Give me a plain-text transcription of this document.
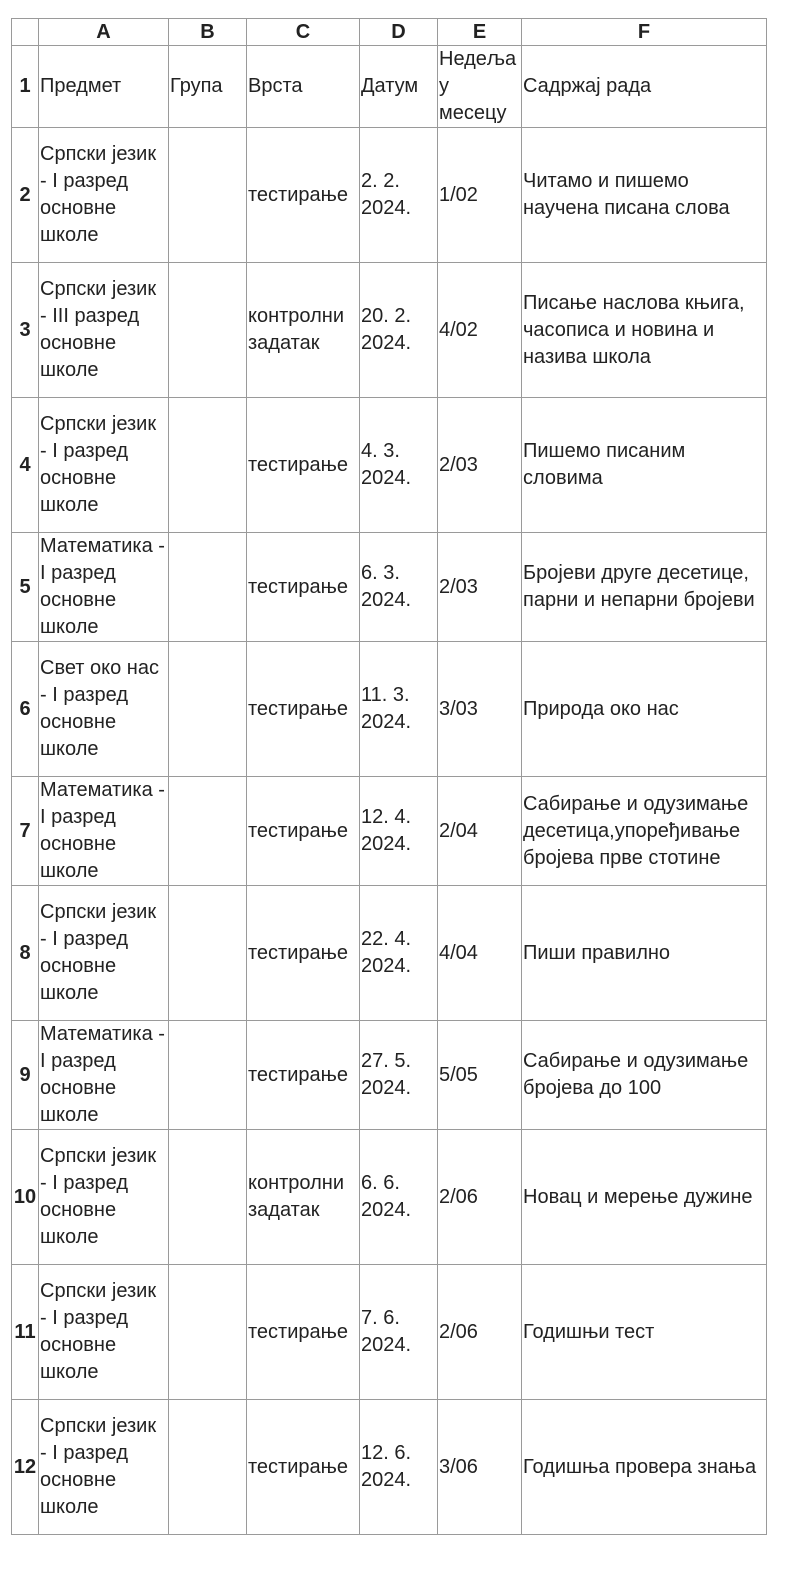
	A	B	C	D	E	F
1	Предмет	Група	Врста	Датум	Недеља у месецу	Садржај рада
2	Српски језик - I разред основне школе		тестирање	2. 2. 2024.	1/02	Читамо и пишемо научена писана слова
3	Српски језик - III разред основне школе		контролни задатак	20. 2. 2024.	4/02	Писање наслова књига, часописа и новина и назива школа
4	Српски језик - I разред основне школе		тестирање	4. 3. 2024.	2/03	Пишемо писаним словима
5	Математика - I разред основне школе		тестирање	6. 3. 2024.	2/03	Бројеви друге десетице, парни и непарни бројеви
6	Свет око нас - I разред основне школе		тестирање	11. 3. 2024.	3/03	Природа око нас
7	Математика - I разред основне школе		тестирање	12. 4. 2024.	2/04	Сабирање и одузимање десетица,упоређивање бројева прве стотине
8	Српски језик - I разред основне школе		тестирање	22. 4. 2024.	4/04	Пиши правилно
9	Математика - I разред основне школе		тестирање	27. 5. 2024.	5/05	Сабирање и одузимање бројева до 100
10	Српски језик - I разред основне школе		контролни задатак	6. 6. 2024.	2/06	Новац и мерење дужине
11	Српски језик - I разред основне школе		тестирање	7. 6. 2024.	2/06	Годишњи тест
12	Српски језик - I разред основне школе		тестирање	12. 6. 2024.	3/06	Годишња провера знања
